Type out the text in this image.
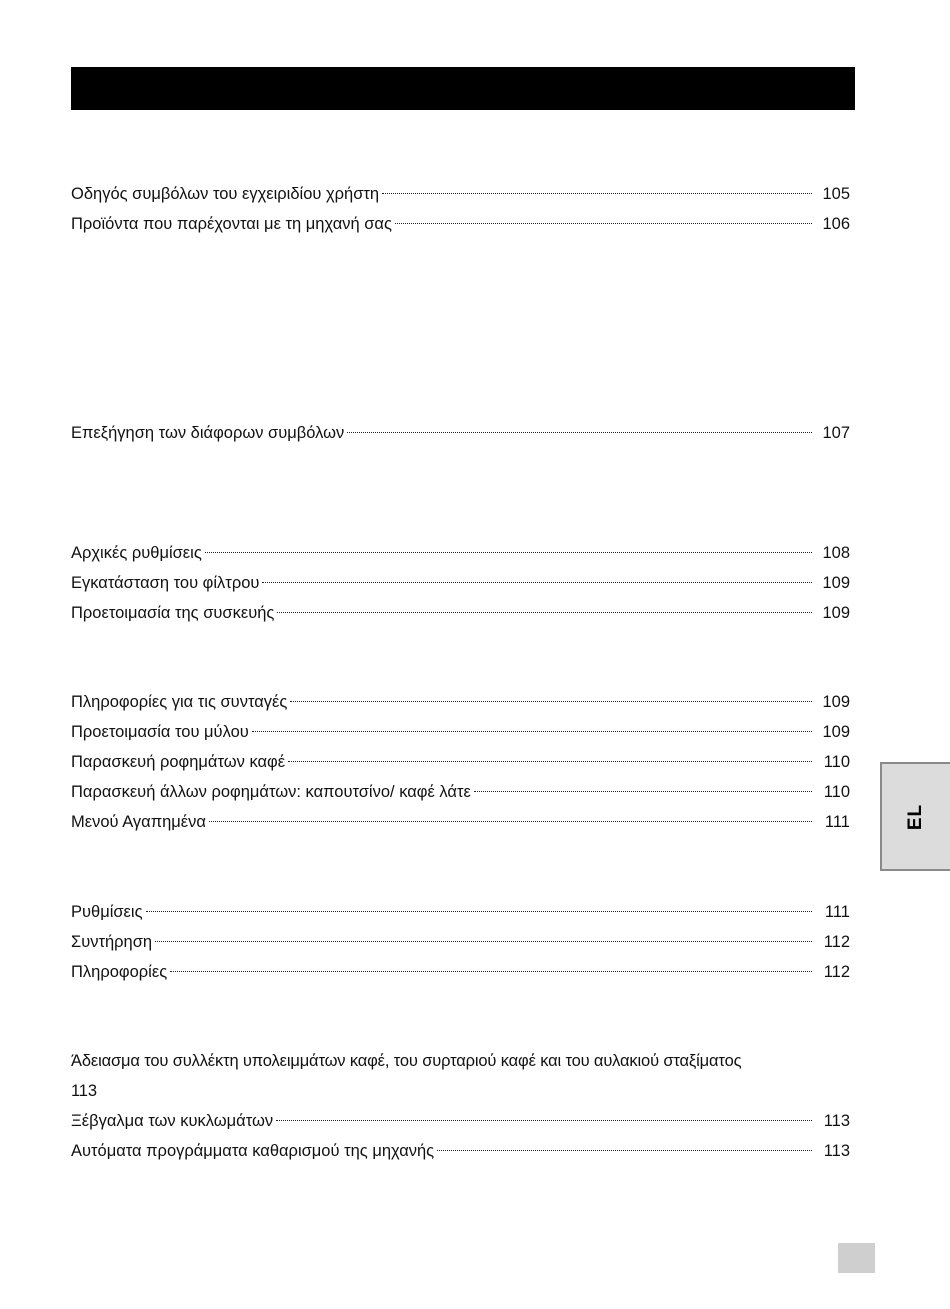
Οδηγός συμβόλων του εγχειριδίου χρήστη	105
Προϊόντα που παρέχονται με τη μηχανή σας	106
Επεξήγηση των διάφορων συμβόλων	107
Αρχικές ρυθμίσεις	108
Εγκατάσταση του φίλτρου	109
Προετοιμασία της συσκευής	109
Πληροφορίες για τις συνταγές	109
Προετοιμασία του μύλου	109
Παρασκευή ροφημάτων καφέ	110
Παρασκευή άλλων ροφημάτων: καπουτσίνο/ καφέ λάτε	110
Μενού Αγαπημένα	111
Ρυθμίσεις	111
Συντήρηση	112
Πληροφορίες	112
Άδειασμα του συλλέκτη υπολειμμάτων καφέ, του συρταριού καφέ και του αυλακιού σταξίματος
113
Ξέβγαλμα των κυκλωμάτων	113
Αυτόματα προγράμματα καθαρισμού της μηχανής	113
EL
